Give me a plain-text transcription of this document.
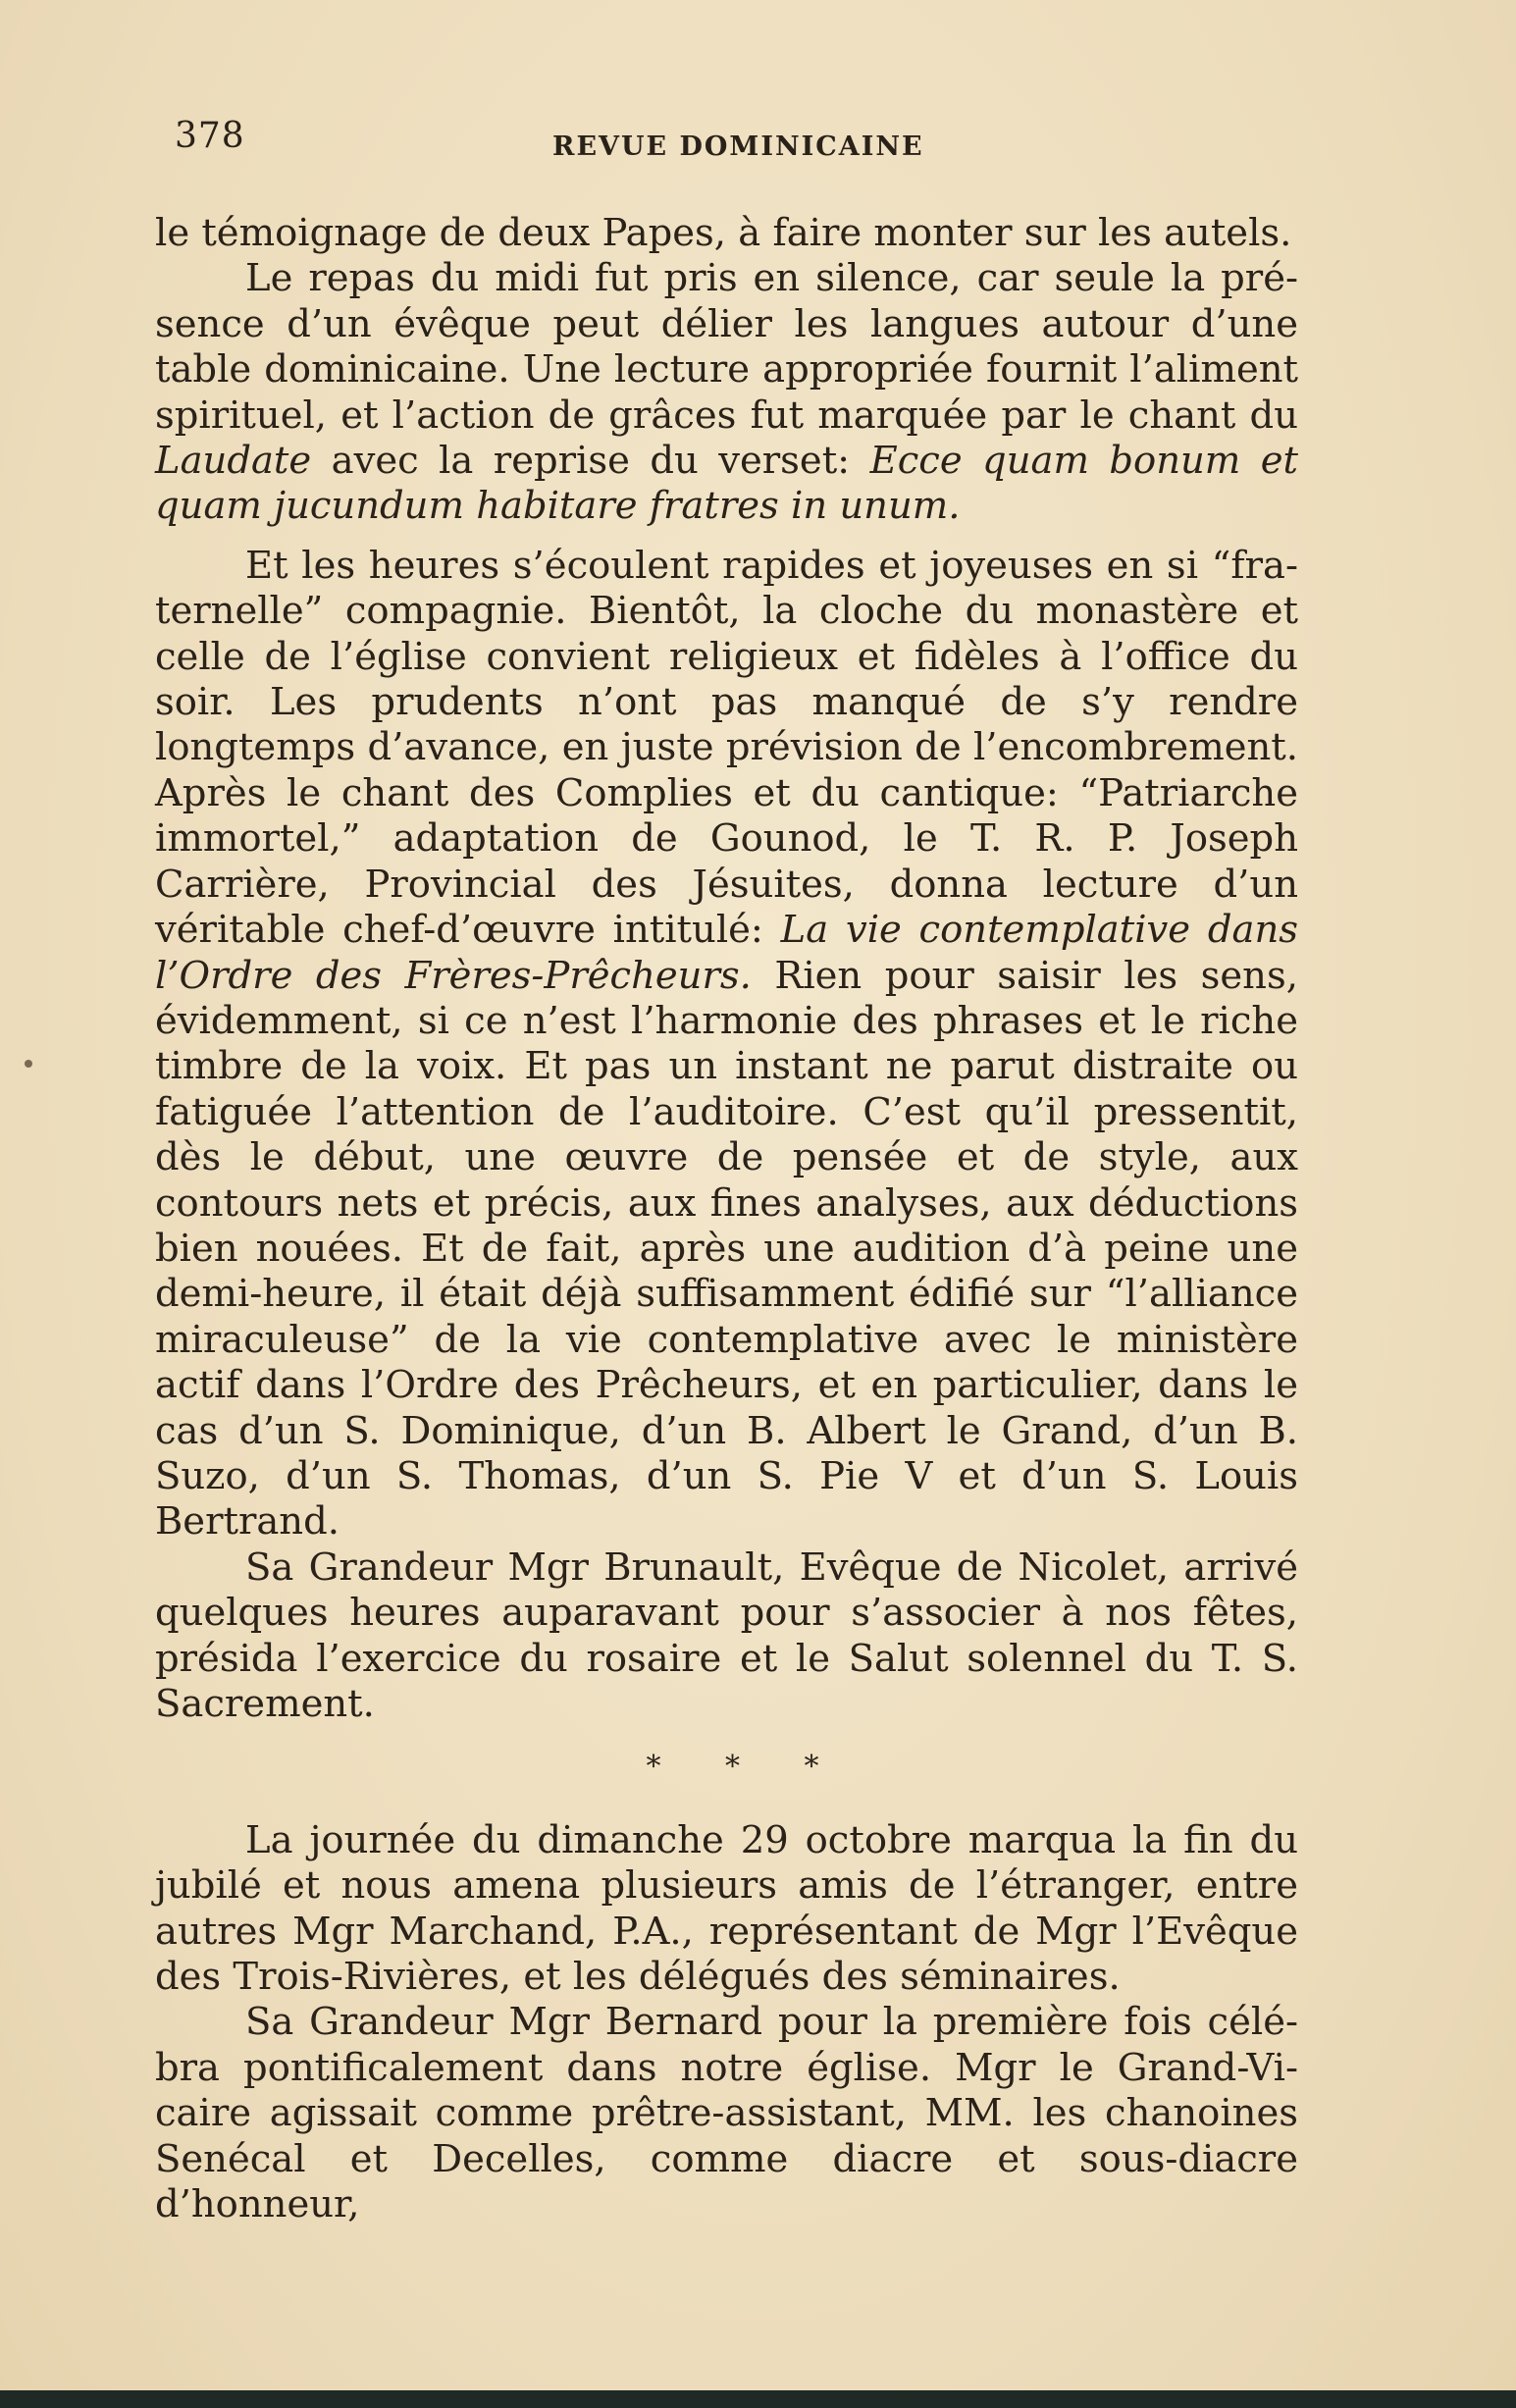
378	REVUE DOMINICAINE

le témoignage de deux Papes, à faire monter sur les autels.

Le repas du midi fut pris en silence, car seule la présence d’un évêque peut délier les langues autour d’une table dominicaine. Une lecture appropriée fournit l’aliment spirituel, et l’action de grâces fut marquée par le chant du Laudate avec la reprise du verset: Ecce quam bonum et quam jucundum habitare fratres in unum.

Et les heures s’écoulent rapides et joyeuses en si “fraternelle” compagnie. Bientôt, la cloche du monastère et celle de l’église convient religieux et fidèles à l’office du soir. Les prudents n’ont pas manqué de s’y rendre longtemps d’avance, en juste prévision de l’encombrement. Après le chant des Complies et du cantique: “Patriarche immortel,” adaptation de Gounod, le T. R. P. Joseph Carrière, Provincial des Jésuites, donna lecture d’un véritable chef-d’œuvre intitulé: La vie contemplative dans l’Ordre des Frères-Prêcheurs. Rien pour saisir les sens, évidemment, si ce n’est l’harmonie des phrases et le riche timbre de la voix. Et pas un instant ne parut distraite ou fatiguée l’attention de l’auditoire. C’est qu’il pressentit, dès le début, une œuvre de pensée et de style, aux contours nets et précis, aux fines analyses, aux déductions bien nouées. Et de fait, après une audition d’à peine une demi-heure, il était déjà suffisamment édifié sur “l’alliance miraculeuse” de la vie contemplative avec le ministère actif dans l’Ordre des Prêcheurs, et en particulier, dans le cas d’un S. Dominique, d’un B. Albert le Grand, d’un B. Suzo, d’un S. Thomas, d’un S. Pie V et d’un S. Louis Bertrand.

Sa Grandeur Mgr Brunault, Evêque de Nicolet, arrivé quelques heures auparavant pour s’associer à nos fêtes, présida l’exercice du rosaire et le Salut solennel du T. S. Sacrement.

* * *

La journée du dimanche 29 octobre marqua la fin du jubilé et nous amena plusieurs amis de l’étranger, entre autres Mgr Marchand, P.A., représentant de Mgr l’Evêque des Trois-Rivières, et les délégués des séminaires.

Sa Grandeur Mgr Bernard pour la première fois célébra pontificalement dans notre église. Mgr le Grand-Vicaire agissait comme prêtre-assistant, MM. les chanoines Senécal et Decelles, comme diacre et sous-diacre d’honneur,
